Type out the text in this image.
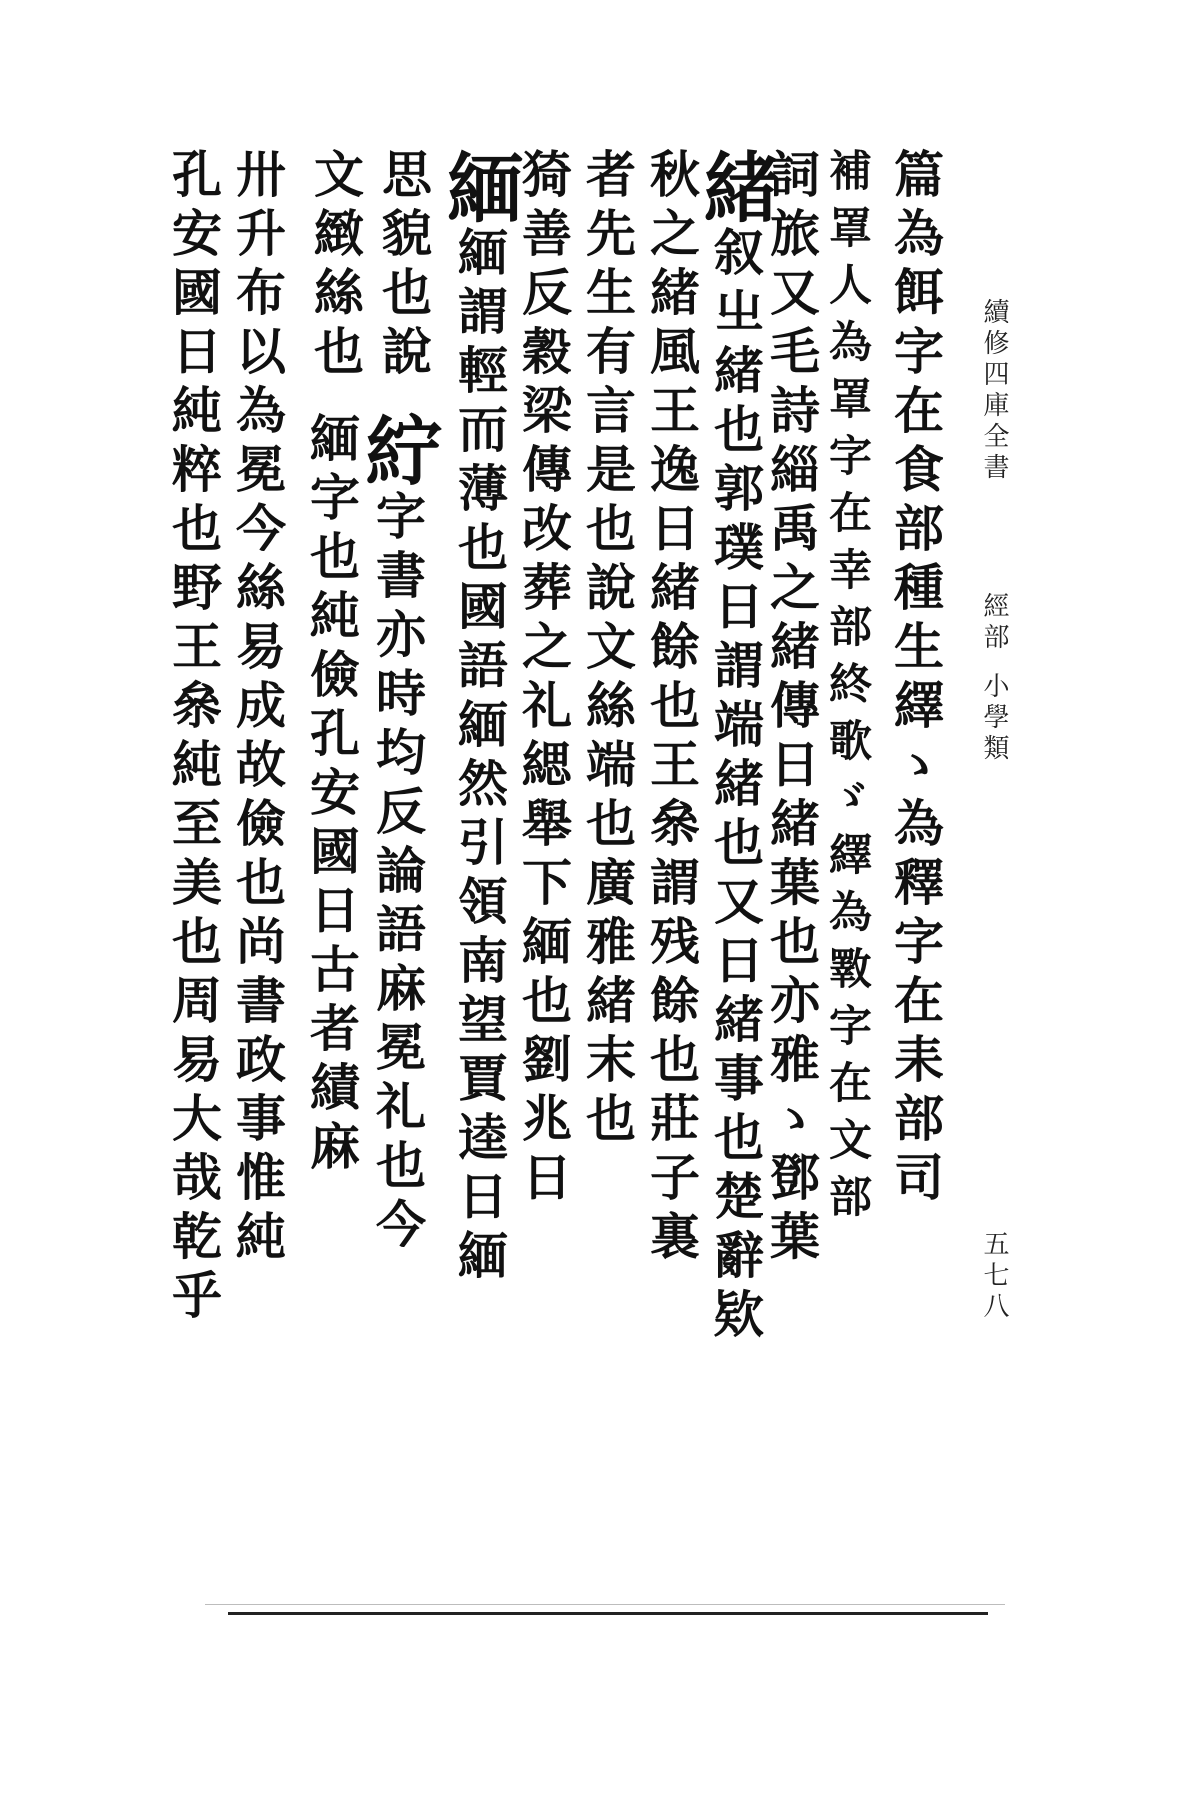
續修四庫全書
經部
小學類
五七八
篇為餌字在食部種生繹ゝ為釋字在耒部司
補罩人為罩字在幸部終歌ゞ繹為斁字在文部
詞旅又毛詩緇禹之緒傳日緒葉也亦雅ゝ鄧葉
緒叙㞢緒也郭璞日謂端緒也又日緒事也楚辭欵
秋之緒風王逸日緒餘也王㕘謂残餘也莊子裏
者先生有言是也說文絲端也廣雅緒末也
猗善反穀梁傳改葬之礼緦舉下緬也劉兆日
緬緬謂輕而薄也國語緬然引領南望賈逵日緬
思貌也說
紵字書亦時均反論語麻冕礼也今
文緻絲也
緬字也純儉孔安國日古者績麻
卅升布以為冕今絲易成故儉也尚書政事惟純
孔安國日純粹也野王㕘純至美也周易大哉乾乎
